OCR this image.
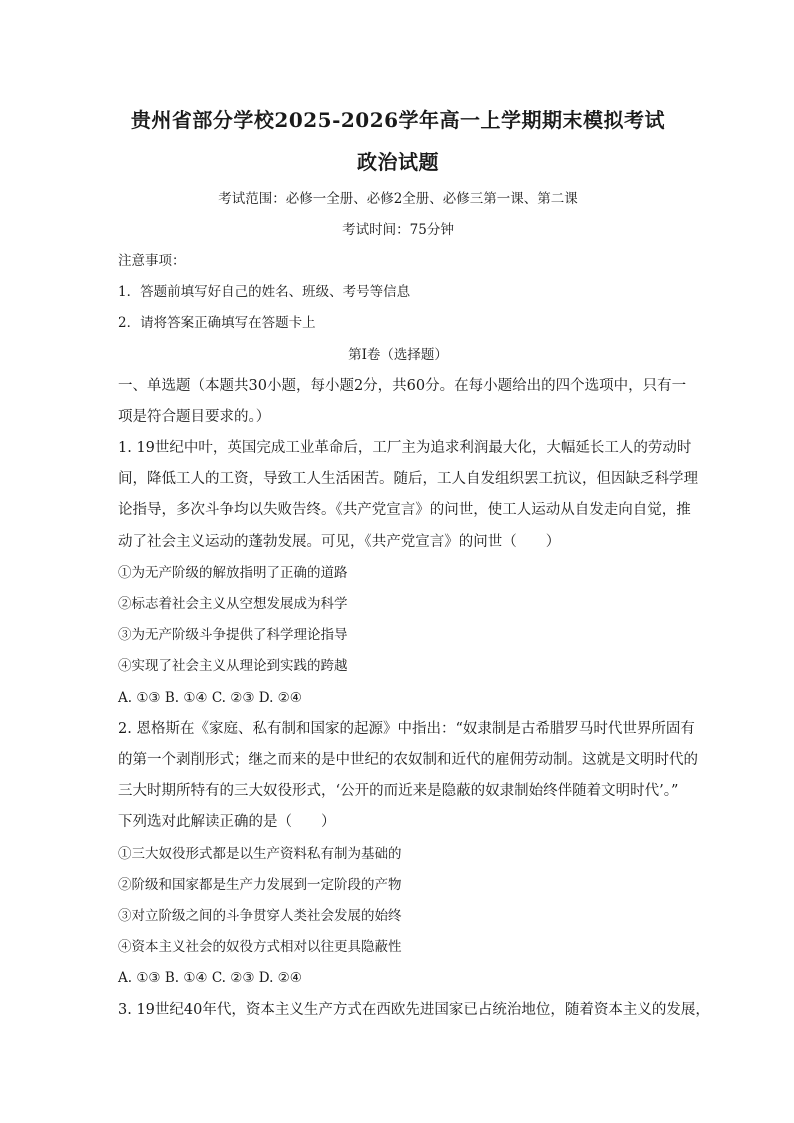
贵州省部分学校2025-2026学年高一上学期期末模拟考试
政治试题
考试范围：必修一全册、必修2全册、必修三第一课、第二课
考试时间：75分钟
注意事项：
1．答题前填写好自己的姓名、班级、考号等信息
2．请将答案正确填写在答题卡上
第I卷（选择题）
一、单选题（本题共30小题，每小题2分，共60分。在每小题给出的四个选项中，只有一
项是符合题目要求的。）
1. 19世纪中叶，英国完成工业革命后，工厂主为追求利润最大化，大幅延长工人的劳动时
间，降低工人的工资，导致工人生活困苦。随后，工人自发组织罢工抗议，但因缺乏科学理
论指导，多次斗争均以失败告终。《共产党宣言》的问世，使工人运动从自发走向自觉，推
动了社会主义运动的蓬勃发展。可见，《共产党宣言》的问世（　　）
①为无产阶级的解放指明了正确的道路
②标志着社会主义从空想发展成为科学
③为无产阶级斗争提供了科学理论指导
④实现了社会主义从理论到实践的跨越
A. ①③ B. ①④ C. ②③ D. ②④
2. 恩格斯在《家庭、私有制和国家的起源》中指出：“奴隶制是古希腊罗马时代世界所固有
的第一个剥削形式；继之而来的是中世纪的农奴制和近代的雇佣劳动制。这就是文明时代的
三大时期所特有的三大奴役形式，‘公开的而近来是隐蔽的奴隶制始终伴随着文明时代’。”
下列选对此解读正确的是（　　）
①三大奴役形式都是以生产资料私有制为基础的
②阶级和国家都是生产力发展到一定阶段的产物
③对立阶级之间的斗争贯穿人类社会发展的始终
④资本主义社会的奴役方式相对以往更具隐蔽性
A. ①③ B. ①④ C. ②③ D. ②④
3. 19世纪40年代，资本主义生产方式在西欧先进国家已占统治地位，随着资本主义的发展，
